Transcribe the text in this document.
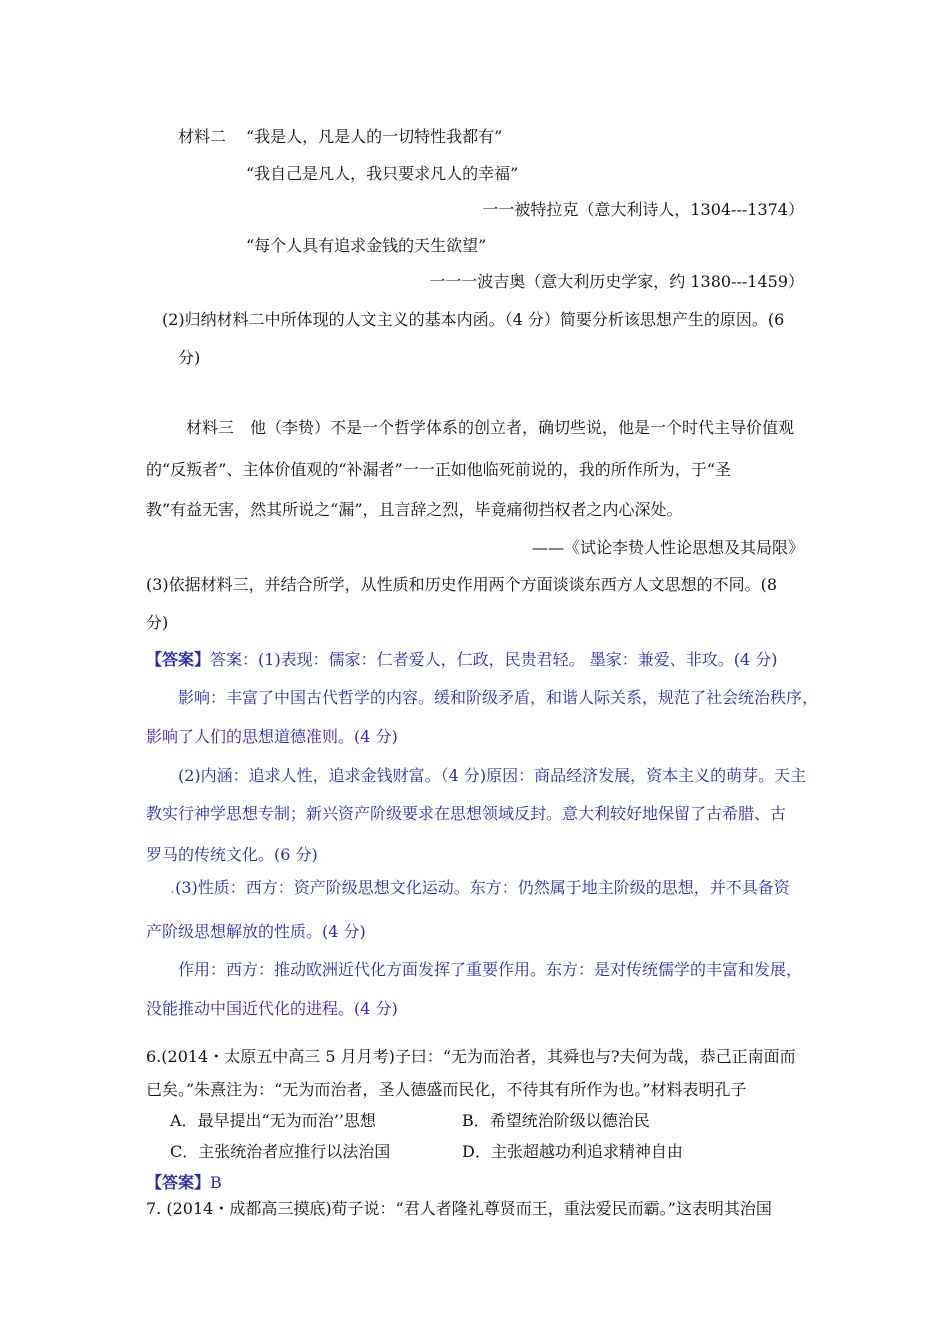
材料二 “我是人，凡是人的一切特性我都有”
“我自己是凡人，我只要求凡人的幸福”
一一被特拉克（意大利诗人，1304---1374）
“每个人具有追求金钱的天生欲望”
一一一波吉奥（意大利历史学家，约 1380---1459）
(2)归纳材料二中所体现的人文主义的基本内函。（4 分）简要分析该思想产生的原因。(6
分)
材料三　他（李贽）不是一个哲学体系的创立者，确切些说，他是一个时代主导价值观
的“反叛者”、主体价值观的“补漏者”一一正如他临死前说的，我的所作所为，于“圣
教”有益无害，然其所说之“漏”，且言辞之烈，毕竟痛彻挡权者之内心深处。
——《试论李贽人性论思想及其局限》
(3)依据材料三，并结合所学，从性质和历史作用两个方面谈谈东西方人文思想的不同。(8
分)
【答案】答案：(1)表现：儒家：仁者爱人，仁政，民贵君轻。 墨家：兼爱、非攻。(4 分)
影响：丰富了中国古代哲学的内容。缓和阶级矛盾，和谐人际关系，规范了社会统治秩序，
影响了人们的思想道德准则。(4 分)
(2)内涵：追求人性，追求金钱财富。（4 分)原因：商品经济发展，资本主义的萌芽。天主
教实行神学思想专制；新兴资产阶级要求在思想领域反封。意大利较好地保留了古希腊、古
罗马的传统文化。(6 分)
.(3)性质：西方：资产阶级思想文化运动。东方：仍然属于地主阶级的思想，并不具备资
产阶级思想解放的性质。(4 分)
作用：西方：推动欧洲近代化方面发挥了重要作用。东方：是对传统儒学的丰富和发展，
没能推动中国近代化的进程。(4 分)
6.(2014・太原五中高三 5 月月考)子曰：“无为而治者，其舜也与?夫何为哉，恭己正南面而
已矣。”朱熹注为：“无为而治者，圣人德盛而民化，不待其有所作为也。”材料表明孔子
A．最早提出“无为而治’’思想	B．希望统治阶级以德治民
C．主张统治者应推行以法治国	D．主张超越功利追求精神自由
【答案】B
7. (2014・成都高三摸底)荀子说：“君人者隆礼尊贤而王，重法爱民而霸。”这表明其治国
